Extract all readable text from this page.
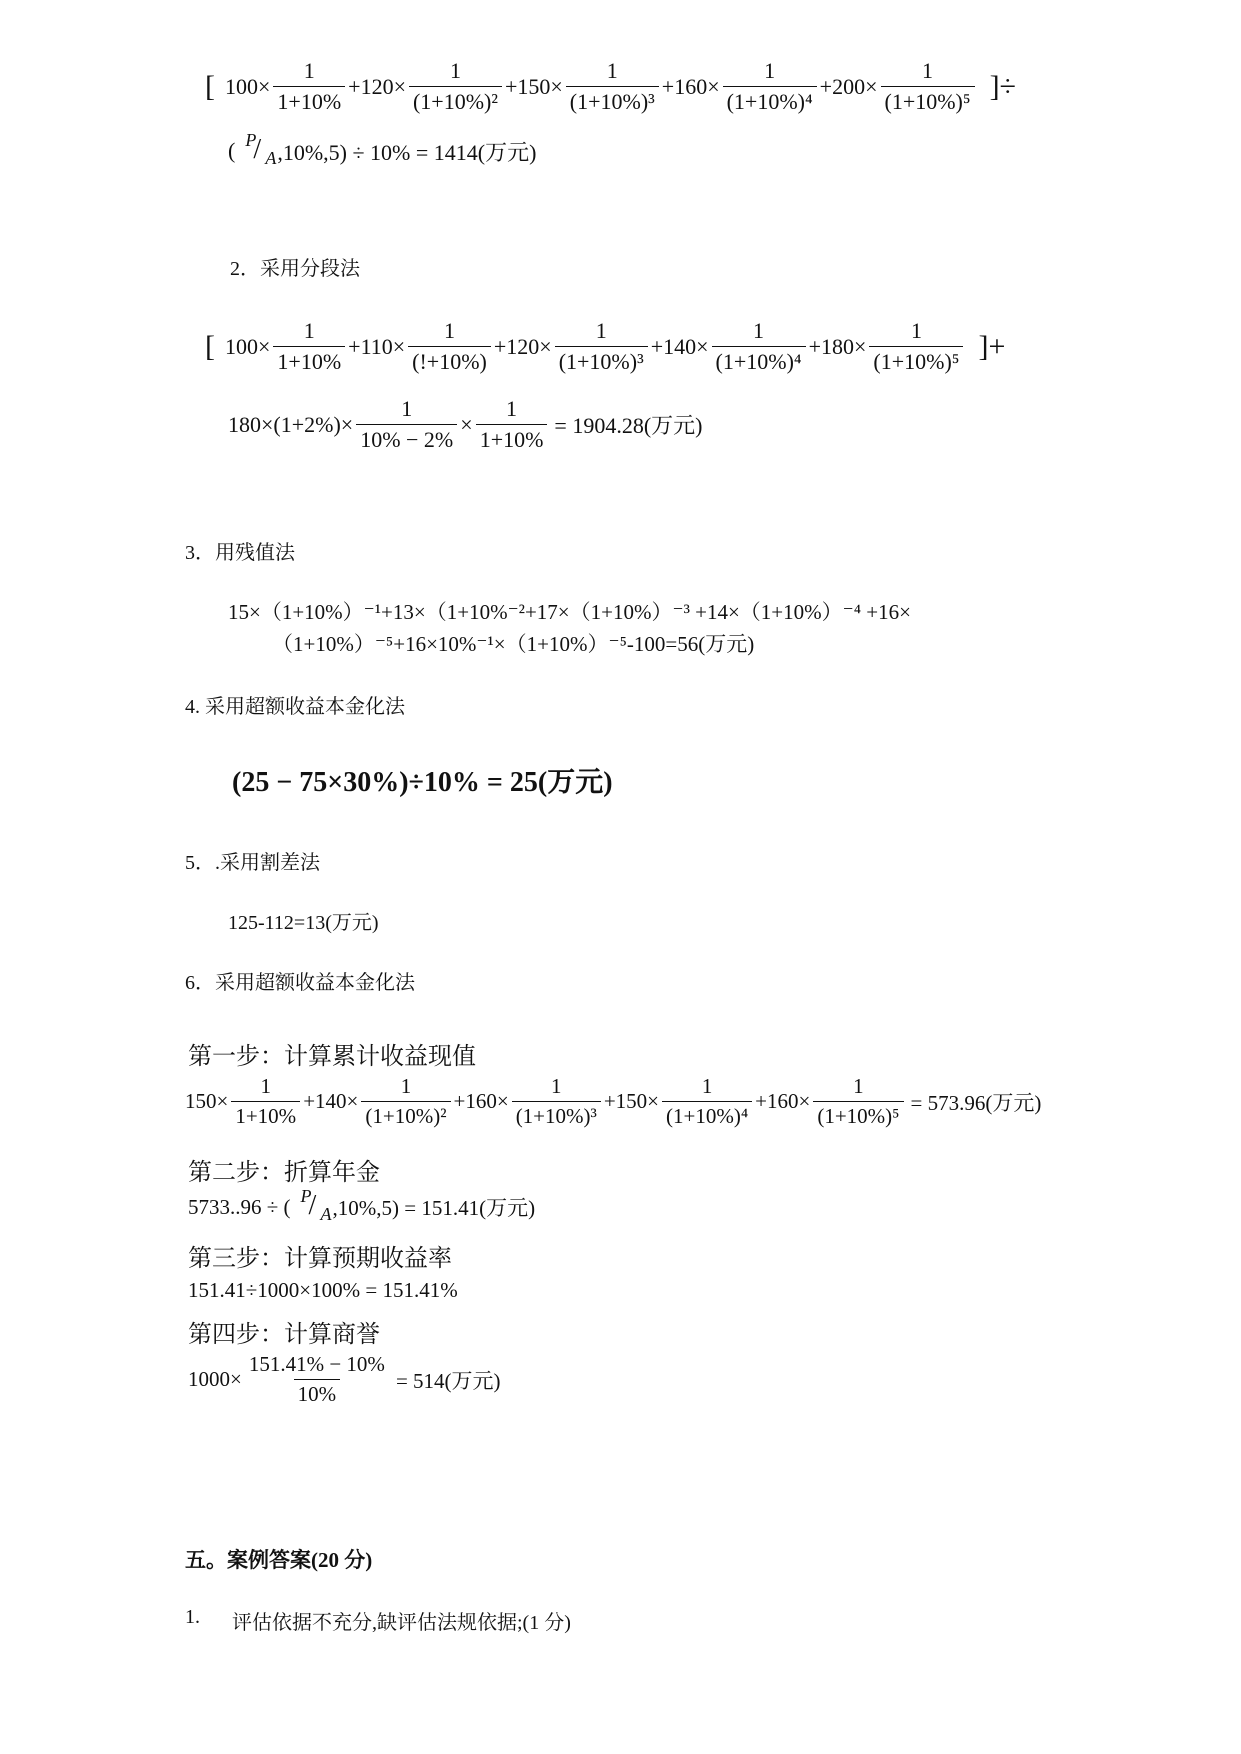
[ $100\times \frac{1}{1+10\%} +120\times \frac{1}{\text{(1+10\%)²}} +150\times \frac{1}{\text{(1+10\%)³}} +160\times \frac{1}{\text{(1+10\%)⁴}} +200\times \frac{1}{\text{(1+10\%)⁵}}$ ]÷
( P
/ A ,10%,5) ÷ 10% = 1414(万元)
2．采用分段法
[ $100\times \frac{1}{1+10\%} +110\times \frac{1}{(!+10\%)} +120\times \frac{1}{\text{(1+10\%)³}} +140\times \frac{1}{\text{(1+10\%)⁴}} +180\times \frac{1}{\text{(1+10\%)⁵}}$ ]+
$180\times(1+2\%)\times \frac{1}{10\% - 2\%} \times \frac{1}{1+10\%} = 1904.28$(万元)
3．用残值法
15×（1+10%）⁻¹+13×（1+10%⁻²+17×（1+10%）⁻³ +14×（1+10%）⁻⁴ +16×
（1+10%）⁻⁵+16×10%⁻¹×（1+10%）⁻⁵-100=56(万元)
4. 采用超额收益本金化法
(25 − 75×30%)÷10% = 25(万元)
5．.采用割差法
125-112=13(万元)
6．采用超额收益本金化法
第一步：计算累计收益现值
$150\times \frac{1}{1+10\%} +140\times \frac{1}{\text{(1+10\%)²}} +160\times \frac{1}{\text{(1+10\%)³}} +150\times \frac{1}{\text{(1+10\%)⁴}} +160\times \frac{1}{\text{(1+10\%)⁵}} = 573.96$(万元)
第二步：折算年金
5733..96 ÷ ( P
/ A ,10%,5) = 151.41(万元)
第三步：计算预期收益率
151.41÷1000×100% = 151.41%
第四步：计算商誉
$1000\times \frac{151.41\% - 10\%}{10\%} = 514$(万元)
五。案例答案(20 分)
1. 评估依据不充分,缺评估法规依据;(1 分)
